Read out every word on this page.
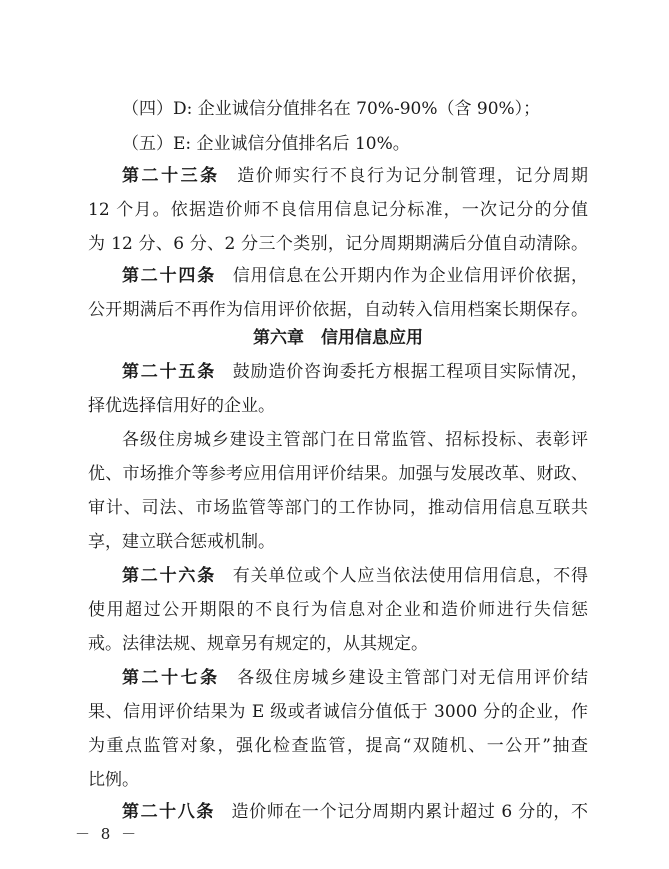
（四）D: 企业诚信分值排名在 70%-90%（含 90%）；
（五）E: 企业诚信分值排名后 10%。
第二十三条 造价师实行不良行为记分制管理，记分周期
12 个月。依据造价师不良信用信息记分标准，一次记分的分值
为 12 分、6 分、2 分三个类别，记分周期期满后分值自动清除。
第二十四条 信用信息在公开期内作为企业信用评价依据，
公开期满后不再作为信用评价依据，自动转入信用档案长期保存。
第六章　信用信息应用
第二十五条 鼓励造价咨询委托方根据工程项目实际情况，
择优选择信用好的企业。
各级住房城乡建设主管部门在日常监管、招标投标、表彰评
优、市场推介等参考应用信用评价结果。加强与发展改革、财政、
审计、司法、市场监管等部门的工作协同，推动信用信息互联共
享，建立联合惩戒机制。
第二十六条 有关单位或个人应当依法使用信用信息，不得
使用超过公开期限的不良行为信息对企业和造价师进行失信惩
戒。法律法规、规章另有规定的，从其规定。
第二十七条 各级住房城乡建设主管部门对无信用评价结
果、信用评价结果为 E 级或者诚信分值低于 3000 分的企业，作
为重点监管对象，强化检查监管，提高“双随机、一公开”抽查
比例。
第二十八条 造价师在一个记分周期内累计超过 6 分的，不
－ 8 －
